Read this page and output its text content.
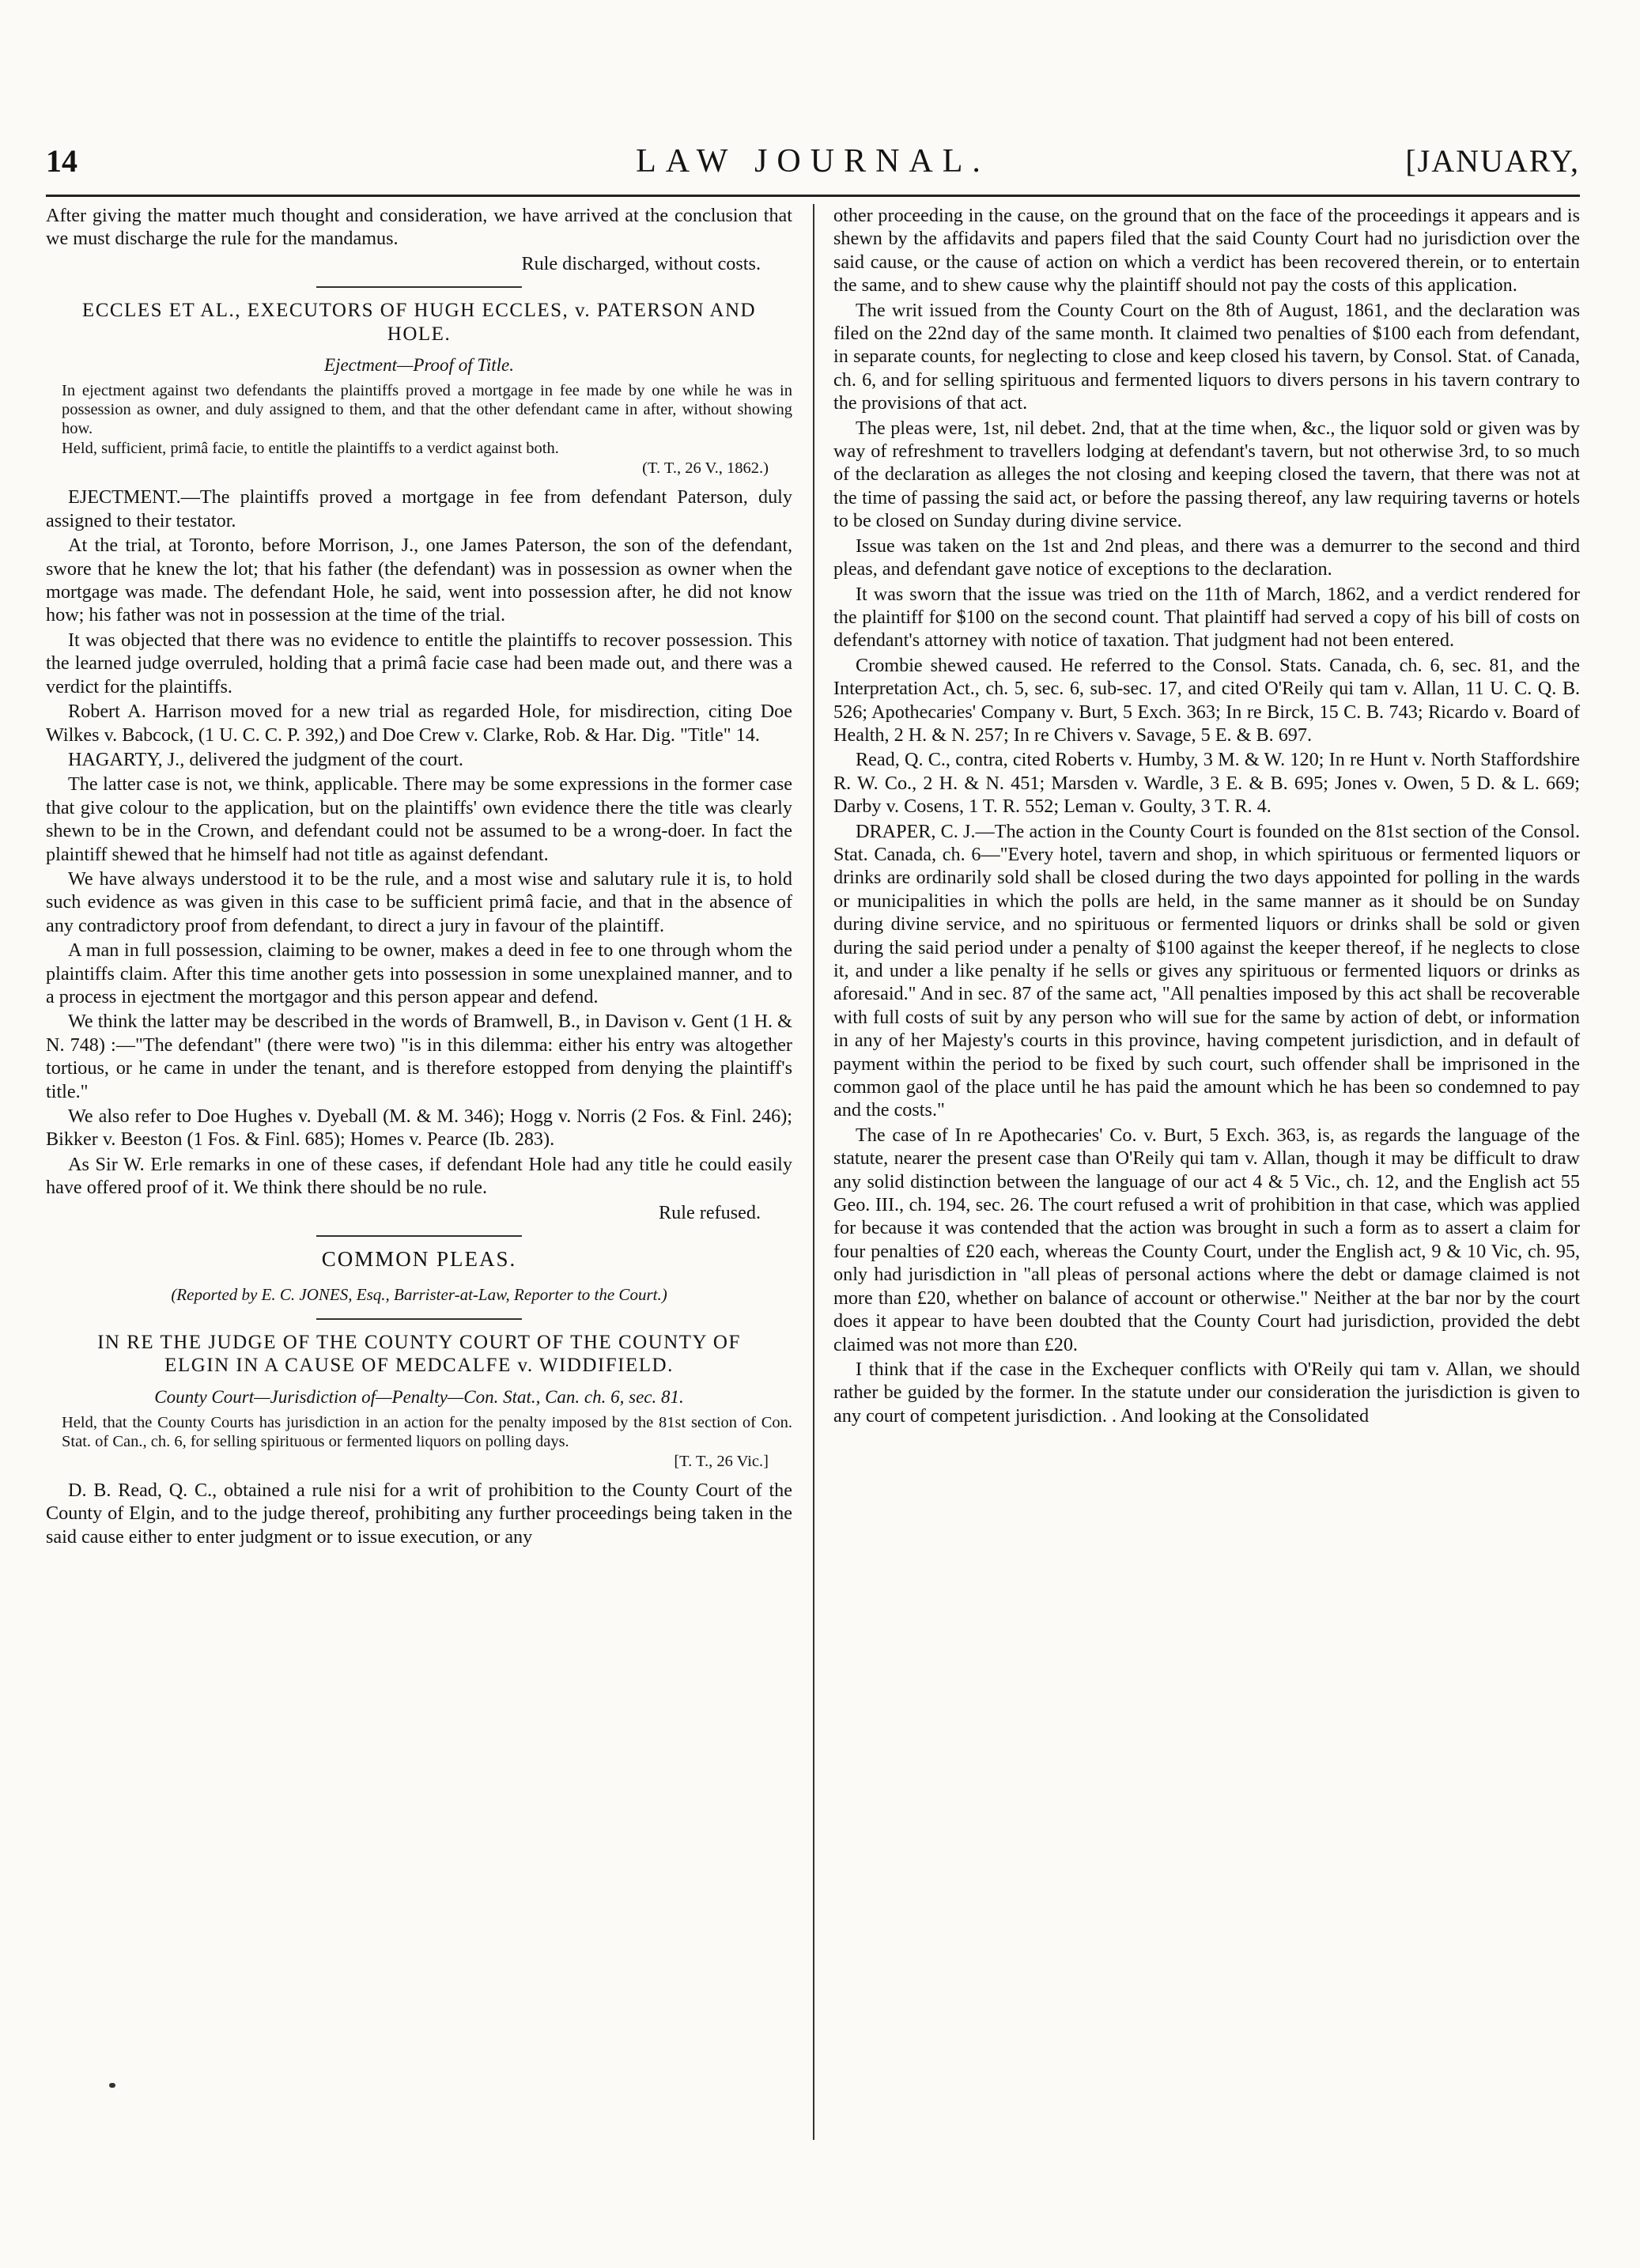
14	LAW JOURNAL.	[JANUARY,

After giving the matter much thought and consideration, we have arrived at the conclusion that we must discharge the rule for the mandamus.

Rule discharged, without costs.

ECCLES ET AL., EXECUTORS OF HUGH ECCLES, v. PATERSON AND HOLE.

Ejectment—Proof of Title.

In ejectment against two defendants the plaintiffs proved a mortgage in fee made by one while he was in possession as owner, and duly assigned to them, and that the other defendant came in after, without showing how.

Held, sufficient, primâ facie, to entitle the plaintiffs to a verdict against both.

(T. T., 26 V., 1862.)

EJECTMENT.—The plaintiffs proved a mortgage in fee from defendant Paterson, duly assigned to their testator.

At the trial, at Toronto, before Morrison, J., one James Paterson, the son of the defendant, swore that he knew the lot; that his father (the defendant) was in possession as owner when the mortgage was made. The defendant Hole, he said, went into possession after, he did not know how; his father was not in possession at the time of the trial.

It was objected that there was no evidence to entitle the plaintiffs to recover possession. This the learned judge overruled, holding that a primâ facie case had been made out, and there was a verdict for the plaintiffs.

Robert A. Harrison moved for a new trial as regarded Hole, for misdirection, citing Doe Wilkes v. Babcock, (1 U. C. C. P. 392,) and Doe Crew v. Clarke, Rob. & Har. Dig. "Title" 14.

HAGARTY, J., delivered the judgment of the court.

The latter case is not, we think, applicable. There may be some expressions in the former case that give colour to the application, but on the plaintiffs' own evidence there the title was clearly shewn to be in the Crown, and defendant could not be assumed to be a wrong-doer. In fact the plaintiff shewed that he himself had not title as against defendant.

We have always understood it to be the rule, and a most wise and salutary rule it is, to hold such evidence as was given in this case to be sufficient primâ facie, and that in the absence of any contradictory proof from defendant, to direct a jury in favour of the plaintiff.

A man in full possession, claiming to be owner, makes a deed in fee to one through whom the plaintiffs claim. After this time another gets into possession in some unexplained manner, and to a process in ejectment the mortgagor and this person appear and defend.

We think the latter may be described in the words of Bramwell, B., in Davison v. Gent (1 H. & N. 748) :—"The defendant" (there were two) "is in this dilemma: either his entry was altogether tortious, or he came in under the tenant, and is therefore estopped from denying the plaintiff's title."

We also refer to Doe Hughes v. Dyeball (M. & M. 346); Hogg v. Norris (2 Fos. & Finl. 246); Bikker v. Beeston (1 Fos. & Finl. 685); Homes v. Pearce (Ib. 283).

As Sir W. Erle remarks in one of these cases, if defendant Hole had any title he could easily have offered proof of it. We think there should be no rule.

Rule refused.

COMMON PLEAS.

(Reported by E. C. JONES, Esq., Barrister-at-Law, Reporter to the Court.)

IN RE THE JUDGE OF THE COUNTY COURT OF THE COUNTY OF ELGIN IN A CAUSE OF MEDCALFE v. WIDDIFIELD.

County Court—Jurisdiction of—Penalty—Con. Stat., Can. ch. 6, sec. 81.

Held, that the County Courts has jurisdiction in an action for the penalty imposed by the 81st section of Con. Stat. of Can., ch. 6, for selling spirituous or fermented liquors on polling days.

[T. T., 26 Vic.]

D. B. Read, Q. C., obtained a rule nisi for a writ of prohibition to the County Court of the County of Elgin, and to the judge thereof, prohibiting any further proceedings being taken in the said cause either to enter judgment or to issue execution, or any

other proceeding in the cause, on the ground that on the face of the proceedings it appears and is shewn by the affidavits and papers filed that the said County Court had no jurisdiction over the said cause, or the cause of action on which a verdict has been recovered therein, or to entertain the same, and to shew cause why the plaintiff should not pay the costs of this application.

The writ issued from the County Court on the 8th of August, 1861, and the declaration was filed on the 22nd day of the same month. It claimed two penalties of $100 each from defendant, in separate counts, for neglecting to close and keep closed his tavern, by Consol. Stat. of Canada, ch. 6, and for selling spirituous and fermented liquors to divers persons in his tavern contrary to the provisions of that act.

The pleas were, 1st, nil debet. 2nd, that at the time when, &c., the liquor sold or given was by way of refreshment to travellers lodging at defendant's tavern, but not otherwise 3rd, to so much of the declaration as alleges the not closing and keeping closed the tavern, that there was not at the time of passing the said act, or before the passing thereof, any law requiring taverns or hotels to be closed on Sunday during divine service.

Issue was taken on the 1st and 2nd pleas, and there was a demurrer to the second and third pleas, and defendant gave notice of exceptions to the declaration.

It was sworn that the issue was tried on the 11th of March, 1862, and a verdict rendered for the plaintiff for $100 on the second count. That plaintiff had served a copy of his bill of costs on defendant's attorney with notice of taxation. That judgment had not been entered.

Crombie shewed caused. He referred to the Consol. Stats. Canada, ch. 6, sec. 81, and the Interpretation Act., ch. 5, sec. 6, sub-sec. 17, and cited O'Reily qui tam v. Allan, 11 U. C. Q. B. 526; Apothecaries' Company v. Burt, 5 Exch. 363; In re Birck, 15 C. B. 743; Ricardo v. Board of Health, 2 H. & N. 257; In re Chivers v. Savage, 5 E. & B. 697.

Read, Q. C., contra, cited Roberts v. Humby, 3 M. & W. 120; In re Hunt v. North Staffordshire R. W. Co., 2 H. & N. 451; Marsden v. Wardle, 3 E. & B. 695; Jones v. Owen, 5 D. & L. 669; Darby v. Cosens, 1 T. R. 552; Leman v. Goulty, 3 T. R. 4.

DRAPER, C. J.—The action in the County Court is founded on the 81st section of the Consol. Stat. Canada, ch. 6—"Every hotel, tavern and shop, in which spirituous or fermented liquors or drinks are ordinarily sold shall be closed during the two days appointed for polling in the wards or municipalities in which the polls are held, in the same manner as it should be on Sunday during divine service, and no spirituous or fermented liquors or drinks shall be sold or given during the said period under a penalty of $100 against the keeper thereof, if he neglects to close it, and under a like penalty if he sells or gives any spirituous or fermented liquors or drinks as aforesaid." And in sec. 87 of the same act, "All penalties imposed by this act shall be recoverable with full costs of suit by any person who will sue for the same by action of debt, or information in any of her Majesty's courts in this province, having competent jurisdiction, and in default of payment within the period to be fixed by such court, such offender shall be imprisoned in the common gaol of the place until he has paid the amount which he has been so condemned to pay and the costs."

The case of In re Apothecaries' Co. v. Burt, 5 Exch. 363, is, as regards the language of the statute, nearer the present case than O'Reily qui tam v. Allan, though it may be difficult to draw any solid distinction between the language of our act 4 & 5 Vic., ch. 12, and the English act 55 Geo. III., ch. 194, sec. 26. The court refused a writ of prohibition in that case, which was applied for because it was contended that the action was brought in such a form as to assert a claim for four penalties of £20 each, whereas the County Court, under the English act, 9 & 10 Vic, ch. 95, only had jurisdiction in "all pleas of personal actions where the debt or damage claimed is not more than £20, whether on balance of account or otherwise." Neither at the bar nor by the court does it appear to have been doubted that the County Court had jurisdiction, provided the debt claimed was not more than £20.

I think that if the case in the Exchequer conflicts with O'Reily qui tam v. Allan, we should rather be guided by the former. In the statute under our consideration the jurisdiction is given to any court of competent jurisdiction. . And looking at the Consolidated
